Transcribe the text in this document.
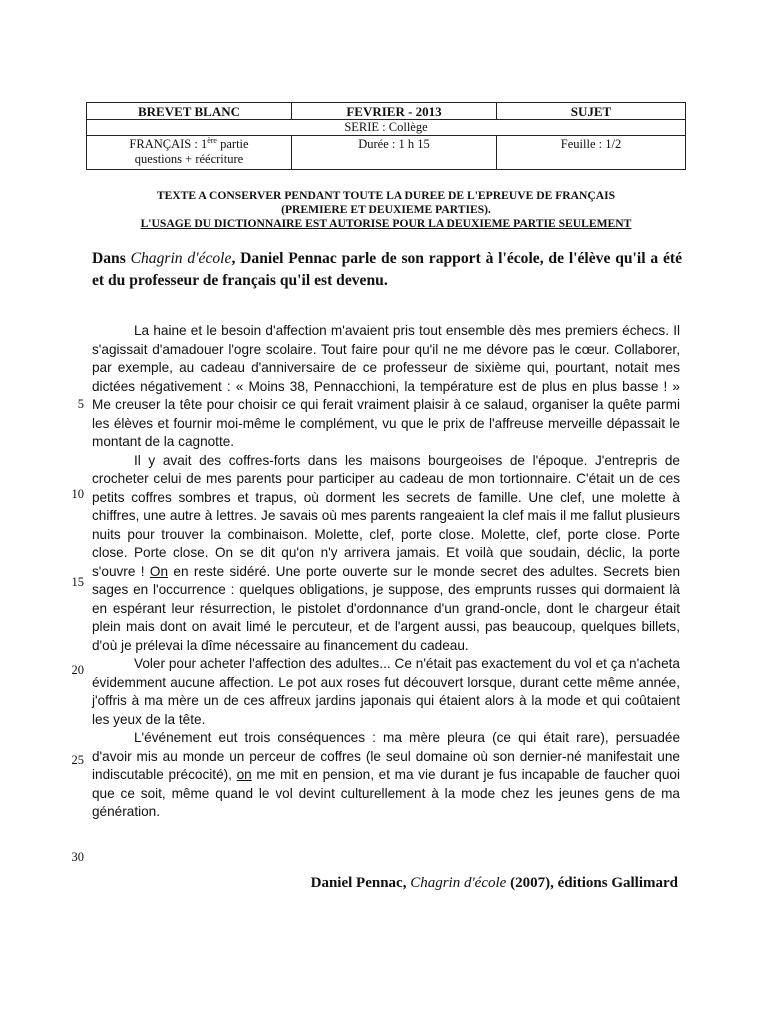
BREVET BLANC	FEVRIER - 2013	SUJET
SERIE : Collège		
FRANÇAIS : 1ère partie
questions + réécriture	Durée : 1 h 15	Feuille : 1/2
TEXTE A CONSERVER PENDANT TOUTE LA DUREE DE L'EPREUVE DE FRANÇAIS
(PREMIERE ET DEUXIEME PARTIES).
L'USAGE DU DICTIONNAIRE EST AUTORISE POUR LA DEUXIEME PARTIE SEULEMENT
Dans Chagrin d'école, Daniel Pennac parle de son rapport à l'école, de l'élève qu'il a été et du professeur de français qu'il est devenu.

La haine et le besoin d'affection m'avaient pris tout ensemble dès mes premiers échecs. Il s'agissait d'amadouer l'ogre scolaire. Tout faire pour qu'il ne me dévore pas le cœur. Collaborer, par exemple, au cadeau d'anniversaire de ce professeur de sixième qui, pourtant, notait mes dictées négativement : « Moins 38, Pennacchioni, la température est de plus en plus basse ! » Me creuser la tête pour choisir ce qui ferait vraiment plaisir à ce salaud, organiser la quête parmi les élèves et fournir moi-même le complément, vu que le prix de l'affreuse merveille dépassait le montant de la cagnotte.

Il y avait des coffres-forts dans les maisons bourgeoises de l'époque. J'entrepris de crocheter celui de mes parents pour participer au cadeau de mon tortionnaire. C'était un de ces petits coffres sombres et trapus, où dorment les secrets de famille. Une clef, une molette à chiffres, une autre à lettres. Je savais où mes parents rangeaient la clef mais il me fallut plusieurs nuits pour trouver la combinaison. Molette, clef, porte close. Molette, clef, porte close. Porte close. Porte close. On se dit qu'on n'y arrivera jamais. Et voilà que soudain, déclic, la porte s'ouvre ! On en reste sidéré. Une porte ouverte sur le monde secret des adultes. Secrets bien sages en l'occurrence : quelques obligations, je suppose, des emprunts russes qui dormaient là en espérant leur résurrection, le pistolet d'ordonnance d'un grand-oncle, dont le chargeur était plein mais dont on avait limé le percuteur, et de l'argent aussi, pas beaucoup, quelques billets, d'où je prélevai la dîme nécessaire au financement du cadeau.

Voler pour acheter l'affection des adultes... Ce n'était pas exactement du vol et ça n'acheta évidemment aucune affection. Le pot aux roses fut découvert lorsque, durant cette même année, j'offris à ma mère un de ces affreux jardins japonais qui étaient alors à la mode et qui coûtaient les yeux de la tête.

L'événement eut trois conséquences : ma mère pleura (ce qui était rare), persuadée d'avoir mis au monde un perceur de coffres (le seul domaine où son dernier-né manifestait une indiscutable précocité), on me mit en pension, et ma vie durant je fus incapable de faucher quoi que ce soit, même quand le vol devint culturellement à la mode chez les jeunes gens de ma génération.

5
10
15
20
25
30
Daniel Pennac, Chagrin d'école (2007), éditions Gallimard
